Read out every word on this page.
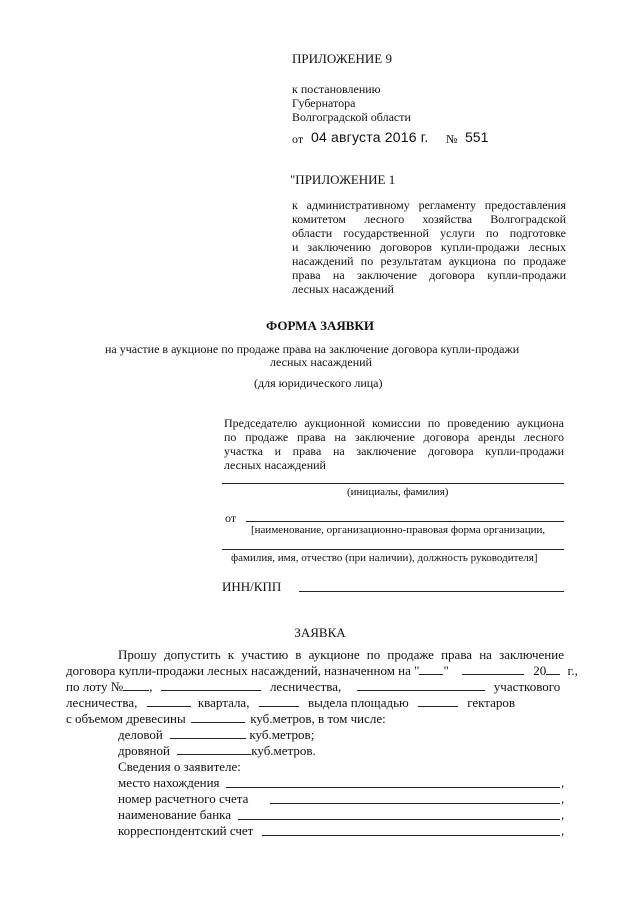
ПРИЛОЖЕНИЕ 9
к постановлению
Губернатора
Волгоградской области
от 04 августа 2016 г. № 551
"ПРИЛОЖЕНИЕ 1
к административному регламенту предоставления
комитетом лесного хозяйства Волгоградской
области государственной услуги по подготовке
и заключению договоров купли-продажи лесных
насаждений по результатам аукциона по продаже
права на заключение договора купли-продажи
лесных насаждений
ФОРМА ЗАЯВКИ
на участие в аукционе по продаже права на заключение договора купли-продажи
лесных насаждений
(для юридического лица)
Председателю аукционной комиссии по проведению аукциона
по продаже права на заключение договора аренды лесного
участка и права на заключение договора купли-продажи
лесных насаждений
(инициалы, фамилия)
от
[наименование, организационно-правовая форма организации,
фамилия, имя, отчество (при наличии), должность руководителя]
ИНН/КПП
ЗАЯВКА
Прошу допустить к участию в аукционе по продаже права на заключение
договора купли-продажи лесных насаждений, назначенном на " "	20 г.,
по лоту № ,	лесничества,	участкового
лесничества,	квартала,	выдела площадью	гектаров
с объемом древесины	куб.метров, в том числе:
деловой	куб.метров;
дровяной	куб.метров.
Сведения о заявителе:
место нахождения	,
номер расчетного счета	,
наименование банка	,
корреспондентский счет	,
